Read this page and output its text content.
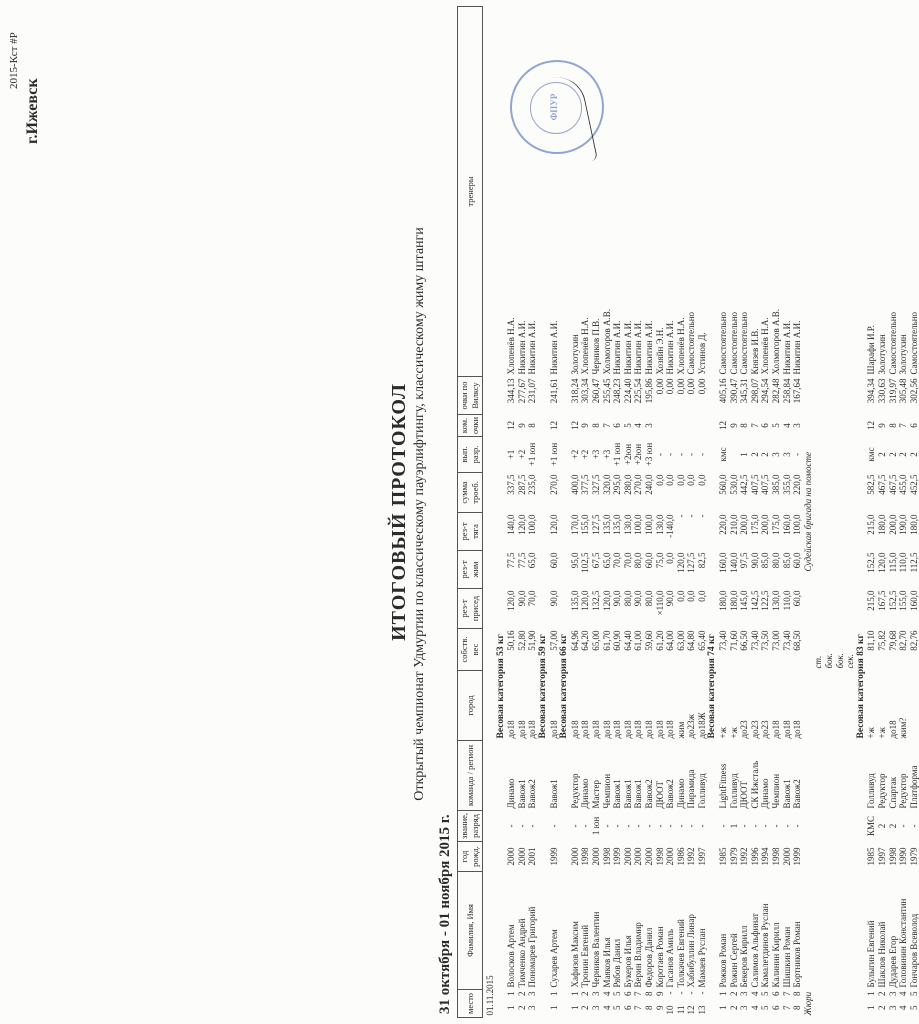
2015-Кст #P
г.Ижевск
ИТОГОВЫЙ ПРОТОКОЛ Открытый чемпионат Удмуртии по классическому пауэрлифтингу, классическому жиму штанги
31 октября - 01 ноября 2015 г. место		Фамилия, Имя	год рожд.	звание, разряд	команда / регион	город	собств. вес	рез-т присед	рез-т жим	рез-т тяга	сумма троеб.	вып. разр.	ком. очки	очки по Вилксу	тренеры
01.11.2015															
						Весовая категория 53 кг									
1	1	Волосков Артем	2000	-	Динамо	до18	50,16	120,0	77,5	140,0	337,5	+1	12	344,13	Хлопенёв Н.А.
2	2	Тимченко Андрей	2000	-	Вавож1	до18	52,80	90,0	77,5	120,0	287,5	+2	9	277,67	Никитин А.И.
3	3	Пономарев Григорий	2001	-	Вавож2	до18	51,90	70,0	65,0	100,0	235,0	+1 юн	8	231,07	Никитин А.И.
						Весовая категория 59 кг									
1	1	Сухарев Артем	1999	-	Вавож1	до18	57,00	90,0	60,0	120,0	270,0	+1 юн	12	241,61	Никитин А.И.
						Весовая категория 66 кг									
1	1	Хафизов Максим	2000	-	Редуктор	до18	64,96	135,0	95,0	170,0	400,0	+2	12	318,24	Золотухин
2	2	Тронин Евгений	1998	-	Динамо	до18	64,20	120,0	102,5	155,0	377,5	+2	9	303,34	Хлопенёв Н.А.
3	3	Черников Валентин	2000	1 юн	Мастер	до18	65,00	132,5	67,5	127,5	327,5	+3	8	260,47	Черников П.В.
4	4	Маяков Илья	1998	-	Чемпион	до18	61,70	120,0	65,0	135,0	320,0	+3	7	255,45	Холмогоров А.В.
5	5	Рябов Данил	1999	-	Вавож1	до18	60,90	90,0	70,0	135,0	295,0	+1 юн	6	248,23	Никитин А.И.
6	6	Букеров Илья	2000	-	Вавож1	до18	64,40	80,0	70,0	130,0	280,0	+2юн	5	224,40	Никитин А.И.
7	7	Верин Владимир	2000	-	Вавож1	до18	61,00	90,0	80,0	100,0	270,0	+2юн	4	225,54	Никитин А.И.
8	8	Федоров Данил	2000	-	Вавож2	до18	59,60	80,0	60,0	100,0	240,0	+3 юн	3	195,86	Никитин А.И.
9	9	Коротаев Роман	1998	-	ДЮОТ	до18	61,20	×110,0	75,0	130,0	0,0	-		0,00	Хозяйн Э.Н.
10	-	Гасанов Амиль	2000	-	Вавож2	до18	64,00	90,0	0,0	-140,0	0,0	-		0,00	Никитин А.И.
11	-	Толкачев Евгений	1986	-	Динамо	жим	63,00	0,0	120,0	-	0,0	-		0,00	Хлопенёв Н.А.
12	-	Хабибуллин Линар	1992	-	Пирамида	до23ж	64,80	0,0	127,5	-	0,0	-		0,00	Самостоятельно
13	-	Мамаев Руслан	1997	-	Голливуд	до18Ж	65,40	0,0	82,5	-	0,0	-		0,00	Устинов Д.
						Весовая категория 74 кг									
1	1	Рожков Роман	1985	-	LightFitness	+ж	73,40	180,0	160,0	220,0	560,0	кмс	12	405,16	Самостоятельно
2	2	Рожин Сергей	1979	1	Голливуд	+ж	71,60	180,0	140,0	210,0	530,0		9	390,47	Самостоятельно
3	3	Бекеров Кирилл	1992	-	ДЮОТ	до23	66,50	145,0	97,5	200,0	442,5	1	8	345,31	Самостоятельно
4	4	Салимов Альфинат	1996	-	СК Ижсталь	до23	73,40	142,5	90,0	175,0	407,5	2	7	298,07	Князев И.В.
5	5	Камалетдинов Руслан	1994	-	Динамо	до23	73,50	122,5	85,0	200,0	407,5	2	6	294,54	Хлопенёв Н.А.
6	6	Калинин Кирилл	1998	-	Чемпион	до18	73,00	130,0	80,0	175,0	385,0	3	5	282,48	Холмогоров А.В.
7	7	Шишкин Роман	2000	-	Вавож1	до18	73,40	110,0	85,0	160,0	355,0	3	4	258,84	Никитин А.И.
8	8	Бортников Роман	1999	-	Вавож2	до18	68,50	60,0	60,0	100,0	220,0	-	3	167,64	Никитин А.И.
Жюри			Судейская бригада на помосте												
							ст.								
							бок.								
							бок.								
							сек.								
						Весовая категория 83 кг									
1	1	Булыгин Евгений	1985	КМС	Голливуд	+ж	81,10	215,0	152,5	215,0	582,5	кмс	12	394,34	Шарафи И.Р.
2	2	Шаклов Николай	1997	2	Редуктор	+ж	75,82	167,5	120,0	180,0	467,5	2	9	330,63	Золотухин
3	3	Дударев Егор	1998	2	Спартак	до18	79,68	152,5	115,0	200,0	467,5	2	8	319,97	Самостоятельно
4	4	Головинин Константин	1990	-	Редуктор	жим?	82,70	155,0	110,0	190,0	455,0	2	7	305,48	Золотухин
5	5	Гончаров Всеволод	1979	-	Платформа		82,76	160,0	112,5	180,0	452,5	2	6	302,56	Самостоятельно
ФПУР
